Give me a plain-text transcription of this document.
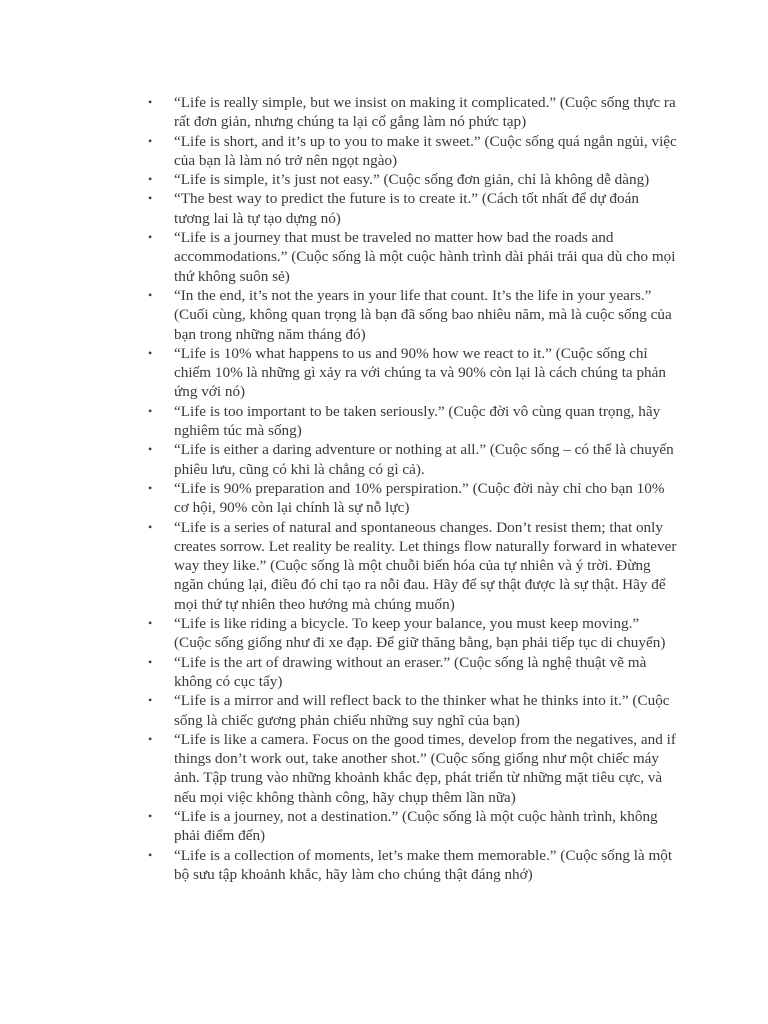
• “Life is really simple, but we insist on making it complicated.” (Cuộc sống thực ra rất đơn giản, nhưng chúng ta lại cố gắng làm nó phức tạp)
• “Life is short, and it’s up to you to make it sweet.” (Cuộc sống quá ngắn ngủi, việc của bạn là làm nó trở nên ngọt ngào)
• “Life is simple, it’s just not easy.” (Cuộc sống đơn giản, chỉ là không dễ dàng)
• “The best way to predict the future is to create it.” (Cách tốt nhất để dự đoán tương lai là tự tạo dựng nó)
• “Life is a journey that must be traveled no matter how bad the roads and accommodations.” (Cuộc sống là một cuộc hành trình dài phải trải qua dù cho mọi thứ không suôn sẻ)
• “In the end, it’s not the years in your life that count. It’s the life in your years.” (Cuối cùng, không quan trọng là bạn đã sống bao nhiêu năm, mà là cuộc sống của bạn trong những năm tháng đó)
• “Life is 10% what happens to us and 90% how we react to it.” (Cuộc sống chỉ chiếm 10% là những gì xảy ra với chúng ta và 90% còn lại là cách chúng ta phản ứng với nó)
• “Life is too important to be taken seriously.” (Cuộc đời vô cùng quan trọng, hãy nghiêm túc mà sống)
• “Life is either a daring adventure or nothing at all.” (Cuộc sống – có thể là chuyến phiêu lưu, cũng có khi là chẳng có gì cả).
• “Life is 90% preparation and 10% perspiration.” (Cuộc đời này chỉ cho bạn 10% cơ hội, 90% còn lại chính là sự nỗ lực)
• “Life is a series of natural and spontaneous changes. Don’t resist them; that only creates sorrow. Let reality be reality. Let things flow naturally forward in whatever way they like.” (Cuộc sống là một chuỗi biến hóa của tự nhiên và ý trời. Đừng ngăn chúng lại, điều đó chỉ tạo ra nỗi đau. Hãy để sự thật được là sự thật. Hãy để mọi thứ tự nhiên theo hướng mà chúng muốn)
• “Life is like riding a bicycle. To keep your balance, you must keep moving.” (Cuộc sống giống như đi xe đạp. Để giữ thăng bằng, bạn phải tiếp tục di chuyển)
• “Life is the art of drawing without an eraser.” (Cuộc sống là nghệ thuật vẽ mà không có cục tẩy)
• “Life is a mirror and will reflect back to the thinker what he thinks into it.” (Cuộc sống là chiếc gương phản chiếu những suy nghĩ của bạn)
• “Life is like a camera. Focus on the good times, develop from the negatives, and if things don’t work out, take another shot.” (Cuộc sống giống như một chiếc máy ảnh. Tập trung vào những khoảnh khắc đẹp, phát triển từ những mặt tiêu cực, và nếu mọi việc không thành công, hãy chụp thêm lần nữa)
• “Life is a journey, not a destination.” (Cuộc sống là một cuộc hành trình, không phải điểm đến)
• “Life is a collection of moments, let’s make them memorable.” (Cuộc sống là một bộ sưu tập khoảnh khắc, hãy làm cho chúng thật đáng nhớ)
